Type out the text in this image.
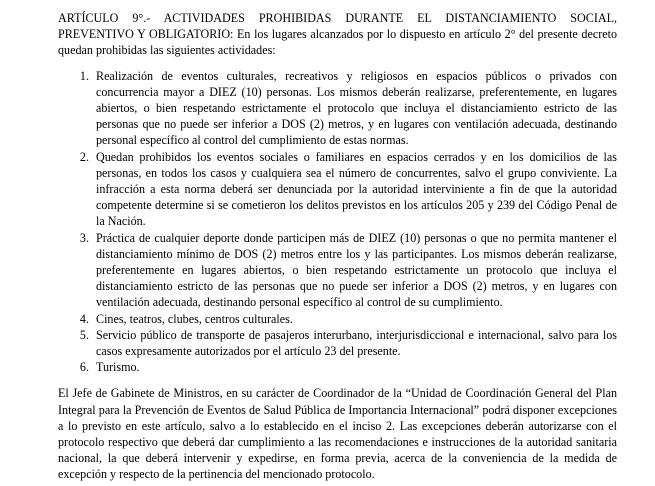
ARTÍCULO 9°.- ACTIVIDADES PROHIBIDAS DURANTE EL DISTANCIAMIENTO SOCIAL, PREVENTIVO Y OBLIGATORIO: En los lugares alcanzados por lo dispuesto en artículo 2° del presente decreto quedan prohibidas las siguientes actividades:

1. Realización de eventos culturales, recreativos y religiosos en espacios públicos o privados con concurrencia mayor a DIEZ (10) personas. Los mismos deberán realizarse, preferentemente, en lugares abiertos, o bien respetando estrictamente el protocolo que incluya el distanciamiento estricto de las personas que no puede ser inferior a DOS (2) metros, y en lugares con ventilación adecuada, destinando personal específico al control del cumplimiento de estas normas.
2. Quedan prohibidos los eventos sociales o familiares en espacios cerrados y en los domicilios de las personas, en todos los casos y cualquiera sea el número de concurrentes, salvo el grupo conviviente. La infracción a esta norma deberá ser denunciada por la autoridad interviniente a fin de que la autoridad competente determine si se cometieron los delitos previstos en los artículos 205 y 239 del Código Penal de la Nación.
3. Práctica de cualquier deporte donde participen más de DIEZ (10) personas o que no permita mantener el distanciamiento mínimo de DOS (2) metros entre los y las participantes. Los mismos deberán realizarse, preferentemente en lugares abiertos, o bien respetando estrictamente un protocolo que incluya el distanciamiento estricto de las personas que no puede ser inferior a DOS (2) metros, y en lugares con ventilación adecuada, destinando personal específico al control de su cumplimiento.
4. Cines, teatros, clubes, centros culturales.
5. Servicio público de transporte de pasajeros interurbano, interjurisdiccional e internacional, salvo para los casos expresamente autorizados por el artículo 23 del presente.
6. Turismo.

El Jefe de Gabinete de Ministros, en su carácter de Coordinador de la “Unidad de Coordinación General del Plan Integral para la Prevención de Eventos de Salud Pública de Importancia Internacional” podrá disponer excepciones a lo previsto en este artículo, salvo a lo establecido en el inciso 2. Las excepciones deberán autorizarse con el protocolo respectivo que deberá dar cumplimiento a las recomendaciones e instrucciones de la autoridad sanitaria nacional, la que deberá intervenir y expedirse, en forma previa, acerca de la conveniencia de la medida de excepción y respecto de la pertinencia del mencionado protocolo.
